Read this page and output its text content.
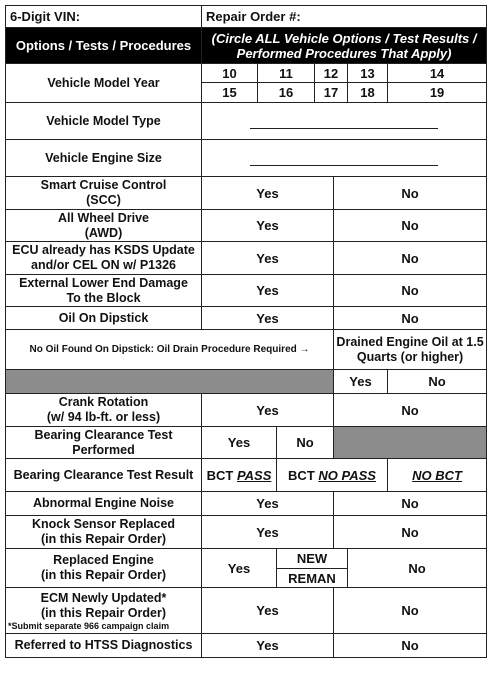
6-Digit VIN:	Repair Order #:						
Options / Tests / Procedures	(Circle ALL Vehicle Options / Test Results / Performed Procedures That Apply)						
Vehicle Model Year	10	11		12		13	14
	15	16		17		18	19
Vehicle Model Type							

Vehicle Engine Size							

Smart Cruise Control
(SCC)	Yes				No		
All Wheel Drive
(AWD)	Yes				No		
ECU already has KSDS Update
and/or CEL ON w/ P1326	Yes				No		
External Lower End Damage
To the Block	Yes				No		
Oil On Dipstick	Yes				No		
No Oil Found On Dipstick: Oil Drain Procedure Required →					Drained Engine Oil at 1.5 Quarts (or higher)		
					Yes		No
Crank Rotation
(w/ 94 lb-ft. or less)	Yes				No		
Bearing Clearance Test
Performed	Yes		No				
Bearing Clearance Test Result	BCT PASS		BCT NO PASS				NO BCT
Abnormal Engine Noise	Yes				No		
Knock Sensor Replaced
(in this Repair Order)	Yes				No		
Replaced Engine
(in this Repair Order)	Yes		NEW			No	
			REMAN				
ECM Newly Updated*
(in this Repair Order)
*Submit separate 966 campaign claim	Yes				No		
Referred to HTSS Diagnostics	Yes				No		
